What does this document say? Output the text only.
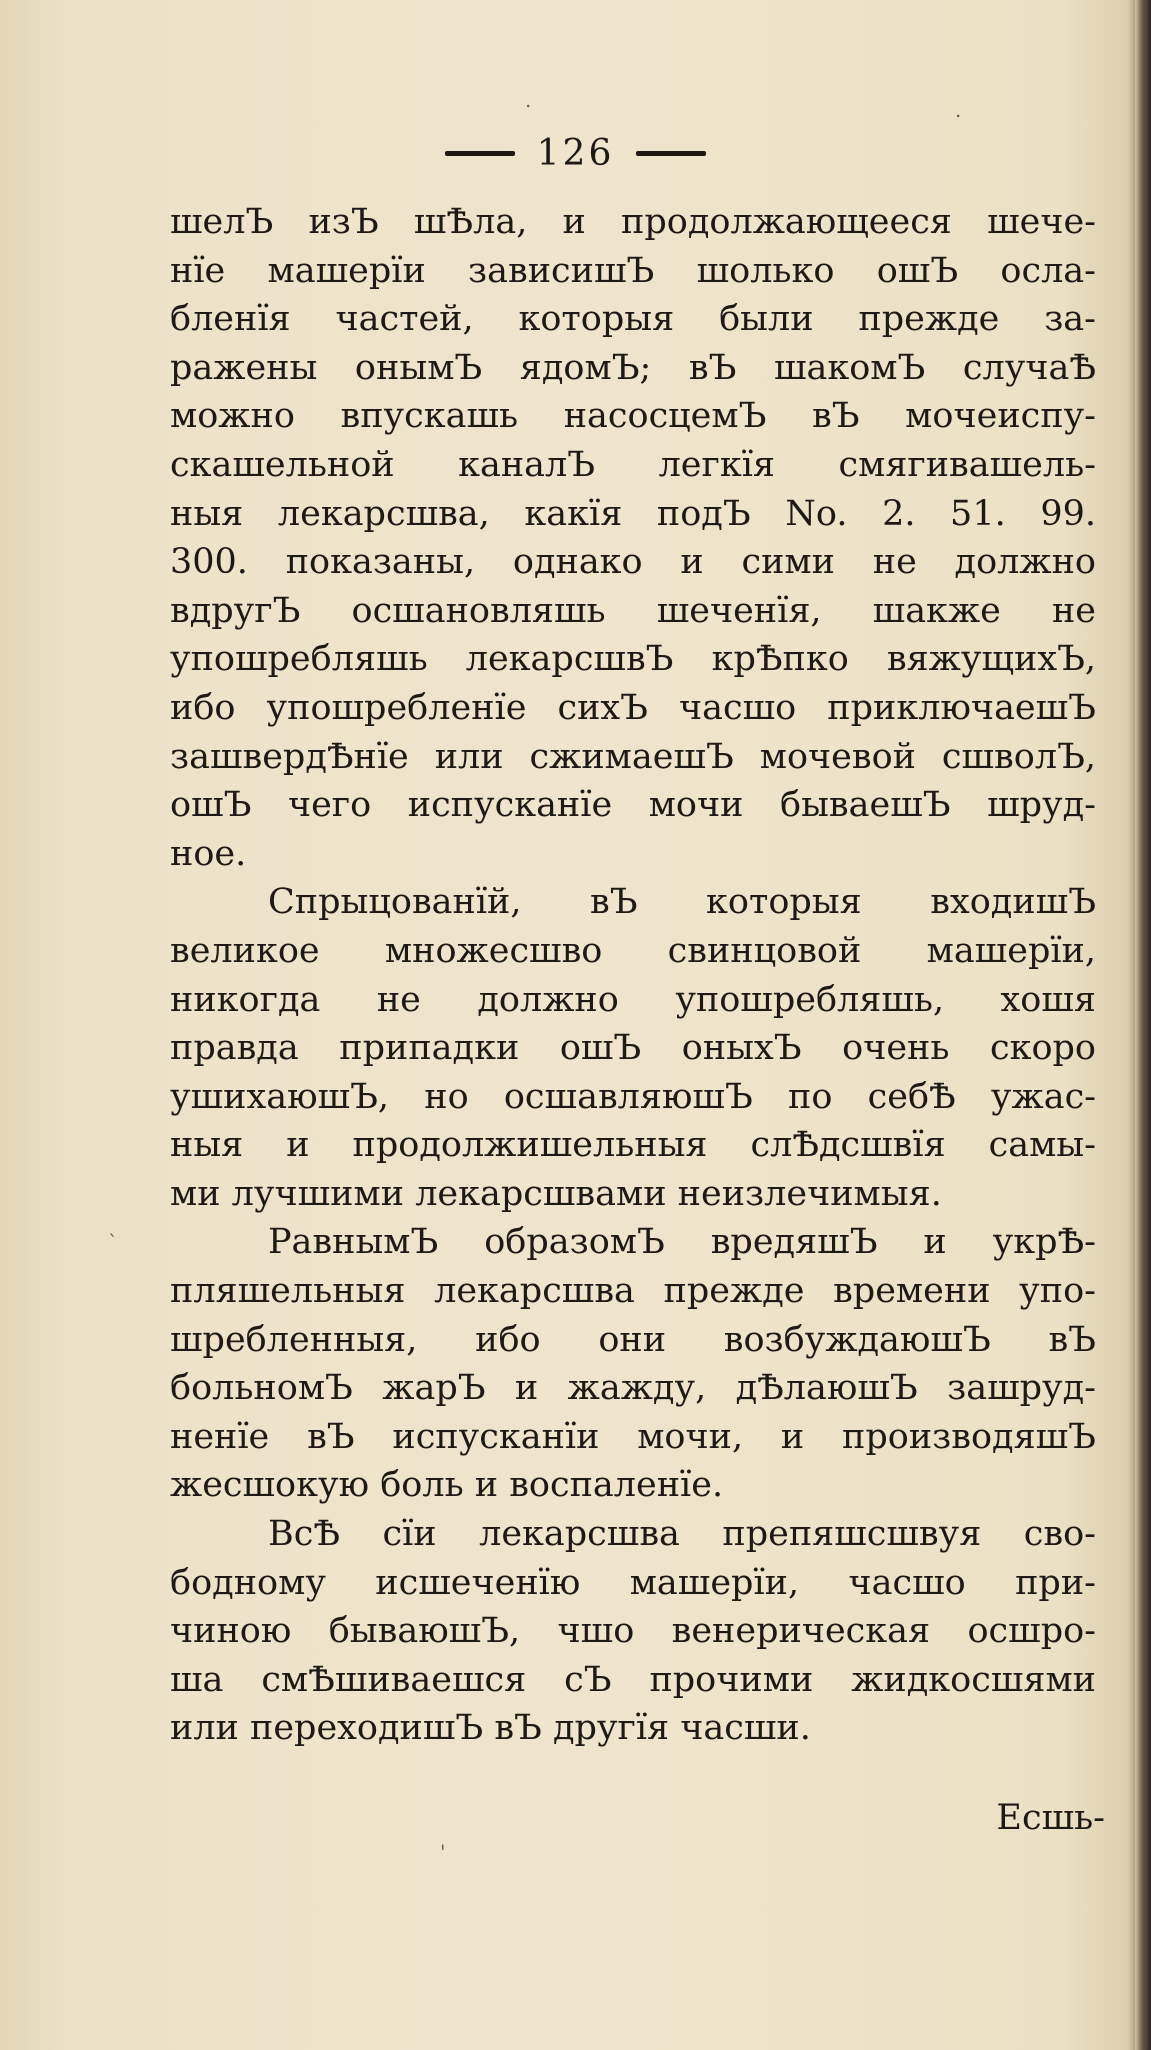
126
шелЪ изЪ шѢла, и продолжающееся шече-
нїе машерїи зависишЪ шолько ошЪ осла-
бленїя частей, которыя были прежде за-
ражены онымЪ ядомЪ; вЪ шакомЪ случаѢ
можно впускашь насосцемЪ вЪ мочеиспу-
скашельной каналЪ легкїя смягивашель-
ныя лекарсшва, какїя подЪ No. 2. 51. 99.
300. показаны, однако и сими не должно
вдругЪ осшановляшь шеченїя, шакже не
упошребляшь лекарсшвЪ крѢпко вяжущихЪ,
ибо упошребленїе сихЪ часшо приключаешЪ
зашвердѢнїе или сжимаешЪ мочевой сшволЪ,
ошЪ чего испусканїе мочи бываешЪ шруд-
ное.
Спрыцованїй, вЪ которыя входишЪ
великое множесшво свинцовой машерїи,
никогда не должно упошребляшь, хошя
правда припадки ошЪ оныхЪ очень скоро
ушихаюшЪ, но осшавляюшЪ по себѢ ужас-
ныя и продолжишельныя слѢдсшвїя самы-
ми лучшими лекарсшвами неизлечимыя.
РавнымЪ образомЪ вредяшЪ и укрѢ-
пляшельныя лекарсшва прежде времени упо-
шребленныя, ибо они возбуждаюшЪ вЪ
больномЪ жарЪ и жажду, дѢлаюшЪ зашруд-
ненїе вЪ испусканїи мочи, и производяшЪ
жесшокую боль и воспаленїе.
ВсѢ сїи лекарсшва препяшсшвуя сво-
бодному исшеченїю машерїи, часшо при-
чиною бываюшЪ, чшо венерическая осшро-
ша смѢшиваешся сЪ прочими жидкосшями
или переходишЪ вЪ другїя часши.
Есшь-
.	.
`
'
